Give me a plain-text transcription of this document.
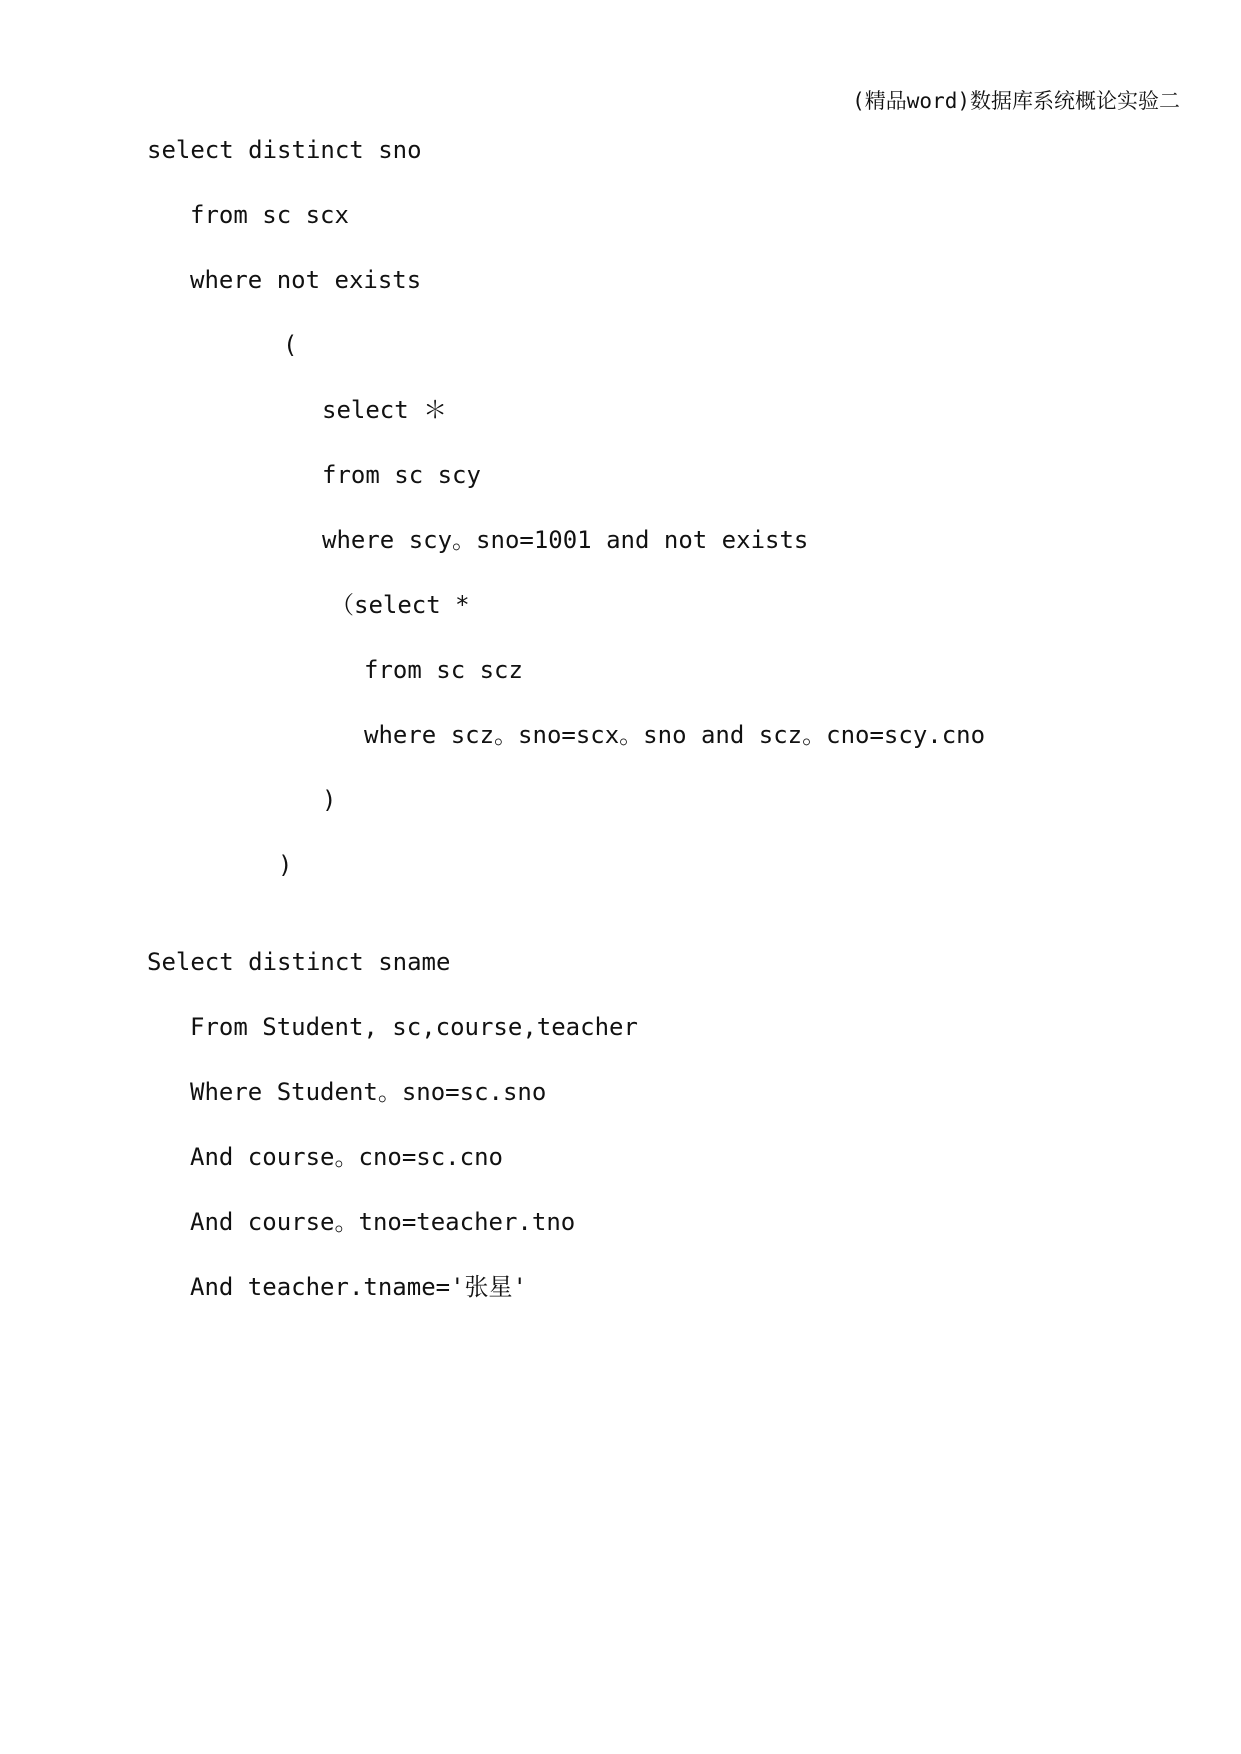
(精品word)数据库系统概论实验二
select distinct sno
from sc scx
where not exists
(
select ＊
from sc scy
where scy。sno=1001 and not exists
（select *
from sc scz
where scz。sno=scx。sno and scz。cno=scy.cno
)
)
Select distinct sname
From Student, sc,course,teacher
Where Student。sno=sc.sno
And course。cno=sc.cno
And course。tno=teacher.tno
And teacher.tname='张星'
